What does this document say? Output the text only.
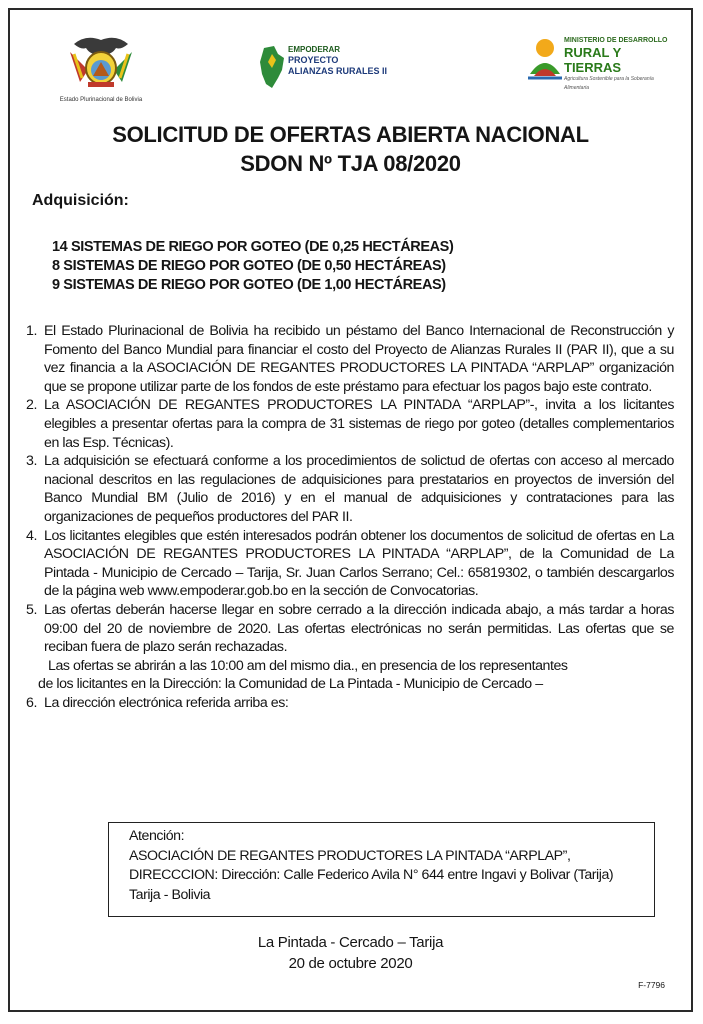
Estado Plurinacional de Bolivia
EMPODERAR
PROYECTO
ALIANZAS RURALES II
MINISTERIO DE DESARROLLO
RURAL Y TIERRAS
Agricultura Sostenible para la Soberanía Alimentaria
SOLICITUD DE OFERTAS ABIERTA NACIONAL
SDON Nº TJA 08/2020
Adquisición:
14 SISTEMAS DE RIEGO POR GOTEO (DE 0,25 HECTÁREAS)
8 SISTEMAS DE RIEGO POR GOTEO (DE 0,50 HECTÁREAS)
9 SISTEMAS DE RIEGO POR GOTEO (DE 1,00 HECTÁREAS)
1. El Estado Plurinacional de Bolivia ha recibido un péstamo del Banco Internacional de Reconstrucción y Fomento del Banco Mundial para financiar el costo del Proyecto de Alianzas Rurales II (PAR II), que a su vez financia a la ASOCIACIÓN DE REGANTES PRODUCTORES LA PINTADA “ARPLAP” organización que se propone utilizar parte de los fondos de este préstamo para efectuar los pagos bajo este contrato.
2. La ASOCIACIÓN DE REGANTES PRODUCTORES LA PINTADA “ARPLAP”-, invita a los licitantes elegibles a presentar ofertas para la compra de 31 sistemas de riego por goteo (detalles complementarios en las Esp. Técnicas).
3. La adquisición se efectuará conforme a los procedimientos de solictud de ofertas con acceso al mercado nacional descritos en las regulaciones de adquisiciones para prestatarios en proyectos de inversión del Banco Mundial BM (Julio de 2016) y en el manual de adquisiciones y contrataciones para las organizaciones de pequeños productores del PAR II.
4. Los licitantes elegibles que estén interesados podrán obtener los documentos de solicitud de ofertas en La ASOCIACIÓN DE REGANTES PRODUCTORES LA PINTADA “ARPLAP”, de la Comunidad de La Pintada - Municipio de Cercado – Tarija, Sr. Juan Carlos Serrano; Cel.: 65819302, o también descargarlos de la página web www.empoderar.gob.bo en la sección de Convocatorias.
5. Las ofertas deberán hacerse llegar en sobre cerrado a la dirección indicada abajo, a más tardar a horas 09:00 del 20 de noviembre de 2020. Las ofertas electrónicas no serán permitidas. Las ofertas que se reciban fuera de plazo serán rechazadas.
Las ofertas se abrirán a las 10:00 am del mismo dia., en presencia de los representantes
de los licitantes en la Dirección: la Comunidad de La Pintada - Municipio de Cercado –
6. La dirección electrónica referida arriba es:
Atención:
ASOCIACIÓN DE REGANTES PRODUCTORES LA PINTADA “ARPLAP”,
DIRECCCION: Dirección: Calle Federico Avila N° 644 entre Ingavi y Bolivar (Tarija)
Tarija - Bolivia
La Pintada - Cercado – Tarija
20 de octubre 2020
F-7796
